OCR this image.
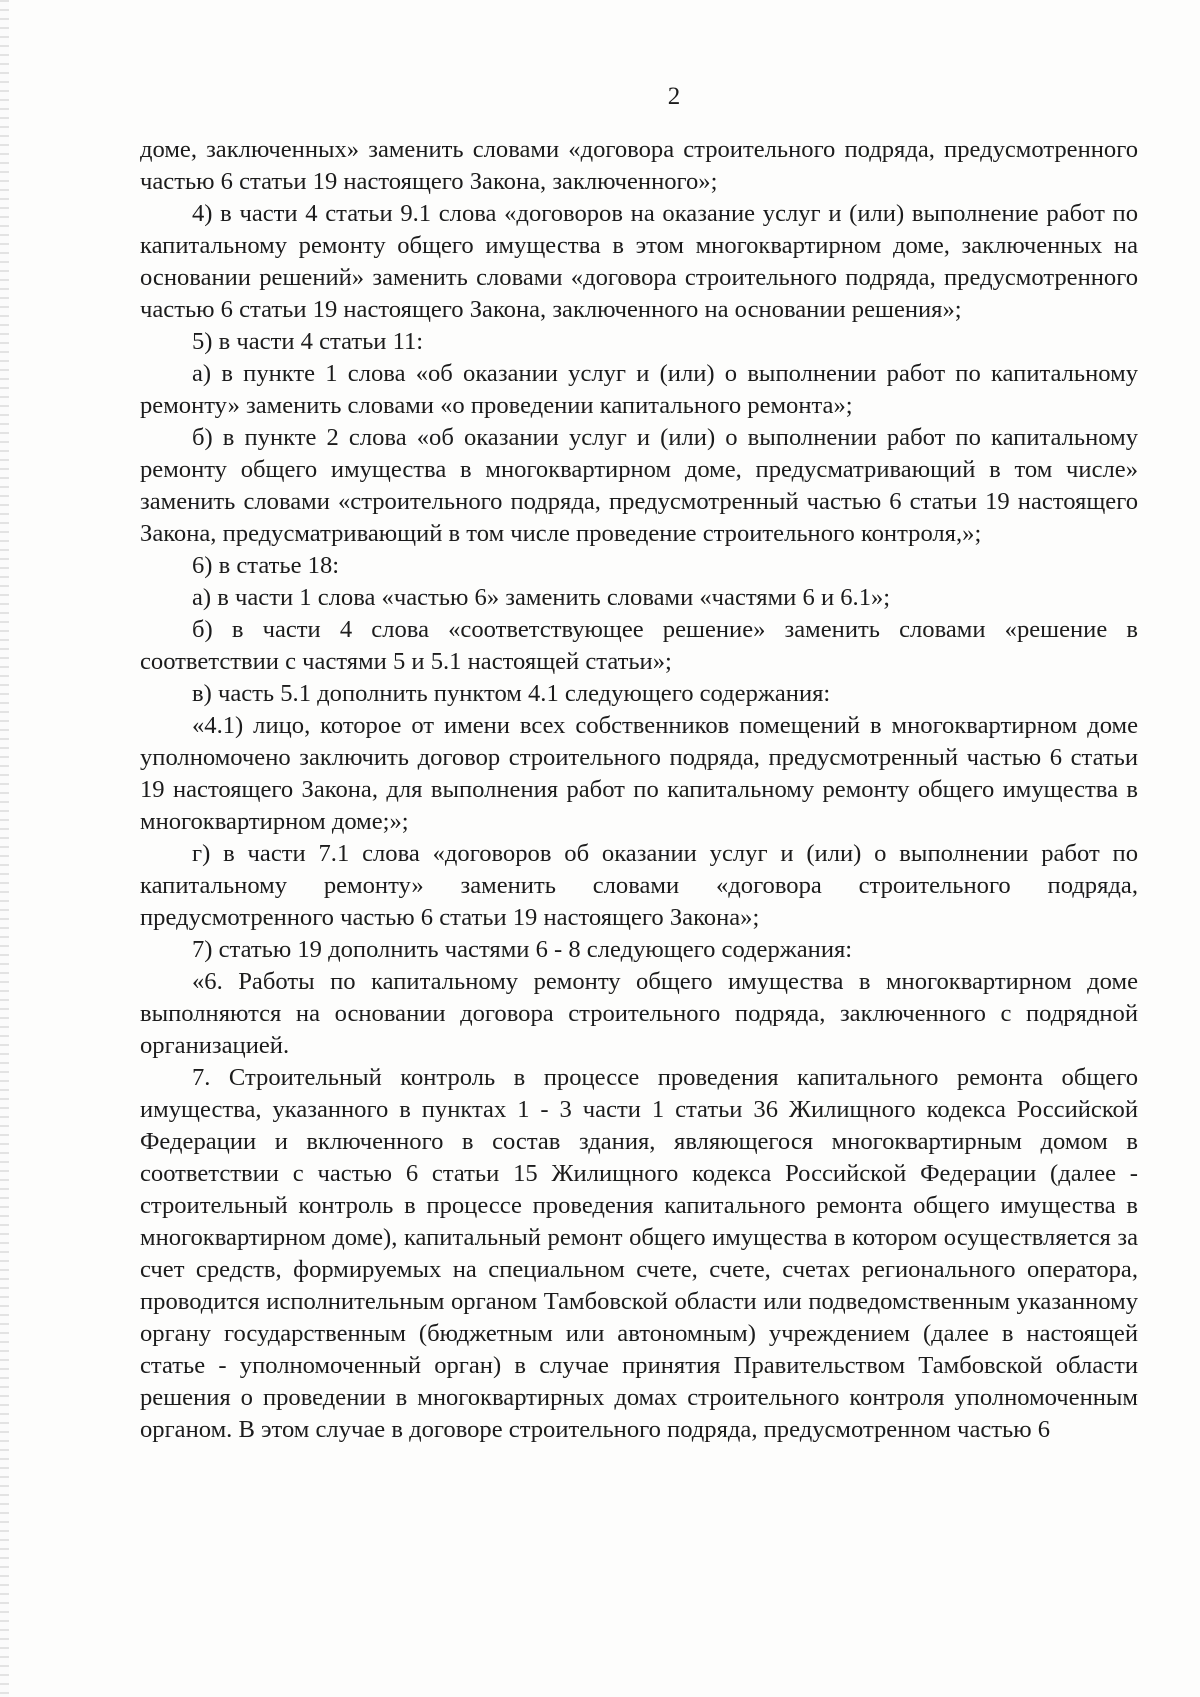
2

доме, заключенных» заменить словами «договора строительного подряда, предусмотренного частью 6 статьи 19 настоящего Закона, заключенного»;

4) в части 4 статьи 9.1 слова «договоров на оказание услуг и (или) выполнение работ по капитальному ремонту общего имущества в этом многоквартирном доме, заключенных на основании решений» заменить словами «договора строительного подряда, предусмотренного частью 6 статьи 19 настоящего Закона, заключенного на основании решения»;

5) в части 4 статьи 11:

а) в пункте 1 слова «об оказании услуг и (или) о выполнении работ по капитальному ремонту» заменить словами «о проведении капитального ремонта»;

б) в пункте 2 слова «об оказании услуг и (или) о выполнении работ по капитальному ремонту общего имущества в многоквартирном доме, предусматривающий в том числе» заменить словами «строительного подряда, предусмотренный частью 6 статьи 19 настоящего Закона, предусматривающий в том числе проведение строительного контроля,»;

6) в статье 18:

а) в части 1 слова «частью 6» заменить словами «частями 6 и 6.1»;

б) в части 4 слова «соответствующее решение» заменить словами «решение в соответствии с частями 5 и 5.1 настоящей статьи»;

в) часть 5.1 дополнить пунктом 4.1 следующего содержания:

«4.1) лицо, которое от имени всех собственников помещений в многоквартирном доме уполномочено заключить договор строительного подряда, предусмотренный частью 6 статьи 19 настоящего Закона, для выполнения работ по капитальному ремонту общего имущества в многоквартирном доме;»;

г) в части 7.1 слова «договоров об оказании услуг и (или) о выполнении работ по капитальному ремонту» заменить словами «договора строительного подряда, предусмотренного частью 6 статьи 19 настоящего Закона»;

7) статью 19 дополнить частями 6 - 8 следующего содержания:

«6. Работы по капитальному ремонту общего имущества в многоквартирном доме выполняются на основании договора строительного подряда, заключенного с подрядной организацией.

7. Строительный контроль в процессе проведения капитального ремонта общего имущества, указанного в пунктах 1 - 3 части 1 статьи 36 Жилищного кодекса Российской Федерации и включенного в состав здания, являющегося многоквартирным домом в соответствии с частью 6 статьи 15 Жилищного кодекса Российской Федерации (далее - строительный контроль в процессе проведения капитального ремонта общего имущества в многоквартирном доме), капитальный ремонт общего имущества в котором осуществляется за счет средств, формируемых на специальном счете, счете, счетах регионального оператора, проводится исполнительным органом Тамбовской области или подведомственным указанному органу государственным (бюджетным или автономным) учреждением (далее в настоящей статье - уполномоченный орган) в случае принятия Правительством Тамбовской области решения о проведении в многоквартирных домах строительного контроля уполномоченным органом. В этом случае в договоре строительного подряда, предусмотренном частью 6
